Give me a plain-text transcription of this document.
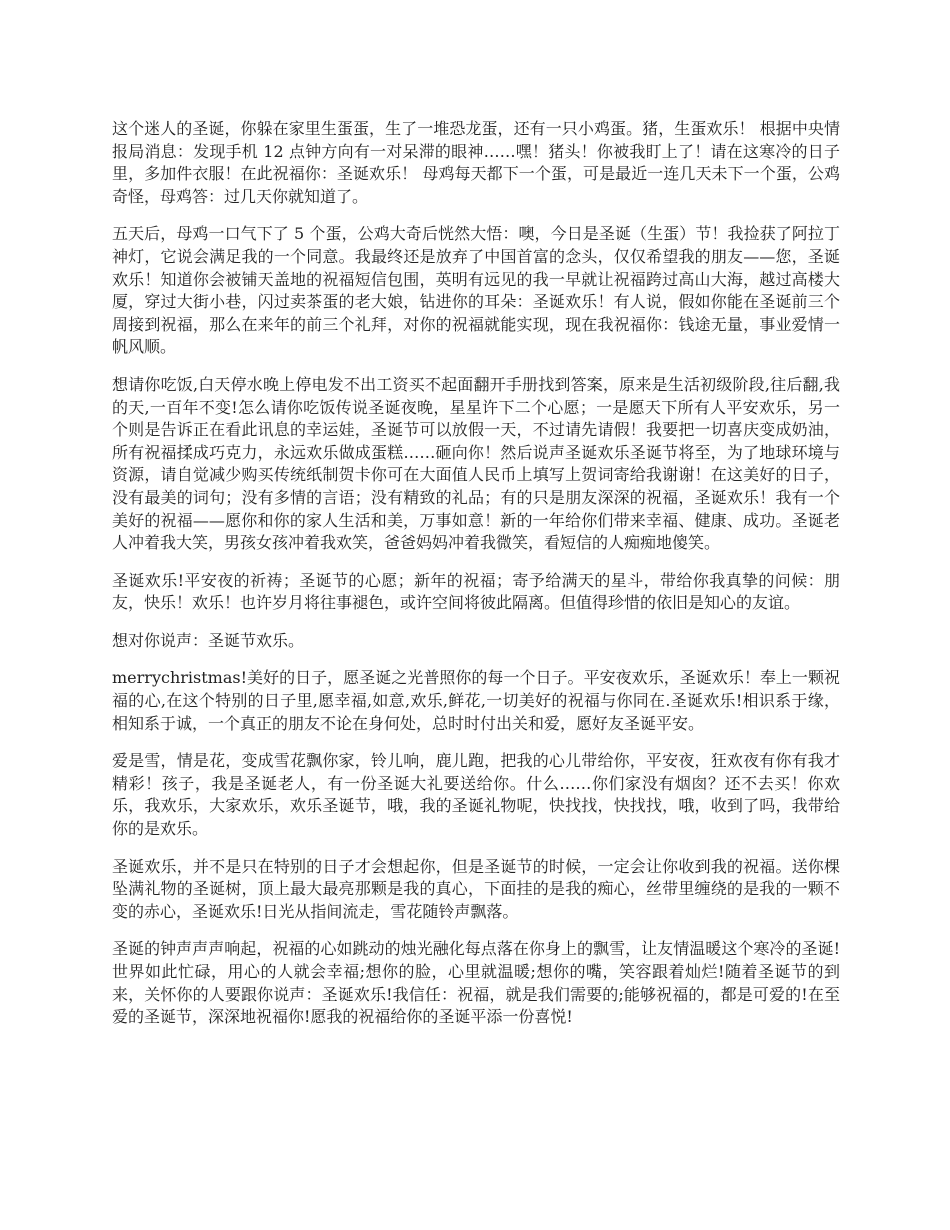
这个迷人的圣诞，你躲在家里生蛋蛋，生了一堆恐龙蛋，还有一只小鸡蛋。猪，生蛋欢乐！ 根据中央情报局消息：发现手机 12 点钟方向有一对呆滞的眼神……嘿！猪头！你被我盯上了！请在这寒冷的日子里，多加件衣服！在此祝福你：圣诞欢乐！ 母鸡每天都下一个蛋，可是最近一连几天未下一个蛋，公鸡奇怪，母鸡答：过几天你就知道了。

五天后，母鸡一口气下了 5 个蛋，公鸡大奇后恍然大悟：噢，今日是圣诞（生蛋）节！我捡获了阿拉丁神灯，它说会满足我的一个同意。我最终还是放弃了中国首富的念头，仅仅希望我的朋友——您，圣诞欢乐！知道你会被铺天盖地的祝福短信包围，英明有远见的我一早就让祝福跨过高山大海，越过高楼大厦，穿过大街小巷，闪过卖茶蛋的老大娘，钻进你的耳朵：圣诞欢乐！有人说，假如你能在圣诞前三个周接到祝福，那么在来年的前三个礼拜，对你的祝福就能实现，现在我祝福你：钱途无量，事业爱情一帆风顺。

想请你吃饭,白天停水晚上停电发不出工资买不起面翻开手册找到答案，原来是生活初级阶段,往后翻,我的天,一百年不变!怎么请你吃饭传说圣诞夜晚，星星许下二个心愿；一是愿天下所有人平安欢乐，另一个则是告诉正在看此讯息的幸运娃，圣诞节可以放假一天，不过请先请假！我要把一切喜庆变成奶油，所有祝福揉成巧克力，永远欢乐做成蛋糕……砸向你！然后说声圣诞欢乐圣诞节将至，为了地球环境与资源，请自觉减少购买传统纸制贺卡你可在大面值人民币上填写上贺词寄给我谢谢！在这美好的日子，没有最美的词句；没有多情的言语；没有精致的礼品；有的只是朋友深深的祝福，圣诞欢乐！我有一个美好的祝福——愿你和你的家人生活和美，万事如意！新的一年给你们带来幸福、健康、成功。圣诞老人冲着我大笑，男孩女孩冲着我欢笑，爸爸妈妈冲着我微笑，看短信的人痴痴地傻笑。

圣诞欢乐!平安夜的祈祷；圣诞节的心愿；新年的祝福；寄予给满天的星斗，带给你我真挚的问候：朋友，快乐！欢乐！也许岁月将往事褪色，或许空间将彼此隔离。但值得珍惜的依旧是知心的友谊。

想对你说声：圣诞节欢乐。

merrychristmas!美好的日子，愿圣诞之光普照你的每一个日子。平安夜欢乐，圣诞欢乐！奉上一颗祝福的心,在这个特别的日子里,愿幸福,如意,欢乐,鲜花,一切美好的祝福与你同在.圣诞欢乐!相识系于缘，相知系于诚，一个真正的朋友不论在身何处，总时时付出关和爱，愿好友圣诞平安。

爱是雪，情是花，变成雪花飘你家，铃儿响，鹿儿跑，把我的心儿带给你，平安夜，狂欢夜有你有我才精彩！孩子，我是圣诞老人，有一份圣诞大礼要送给你。什么……你们家没有烟囱？还不去买！你欢乐，我欢乐，大家欢乐，欢乐圣诞节，哦，我的圣诞礼物呢，快找找，快找找，哦，收到了吗，我带给你的是欢乐。

圣诞欢乐，并不是只在特别的日子才会想起你，但是圣诞节的时候，一定会让你收到我的祝福。送你棵坠满礼物的圣诞树，顶上最大最亮那颗是我的真心，下面挂的是我的痴心，丝带里缠绕的是我的一颗不变的赤心，圣诞欢乐!日光从指间流走，雪花随铃声飘落。

圣诞的钟声声声响起，祝福的心如跳动的烛光融化每点落在你身上的飘雪，让友情温暖这个寒冷的圣诞!世界如此忙碌，用心的人就会幸福;想你的脸，心里就温暖;想你的嘴，笑容跟着灿烂!随着圣诞节的到来，关怀你的人要跟你说声：圣诞欢乐!我信任：祝福，就是我们需要的;能够祝福的，都是可爱的!在至爱的圣诞节，深深地祝福你!愿我的祝福给你的圣诞平添一份喜悦!
